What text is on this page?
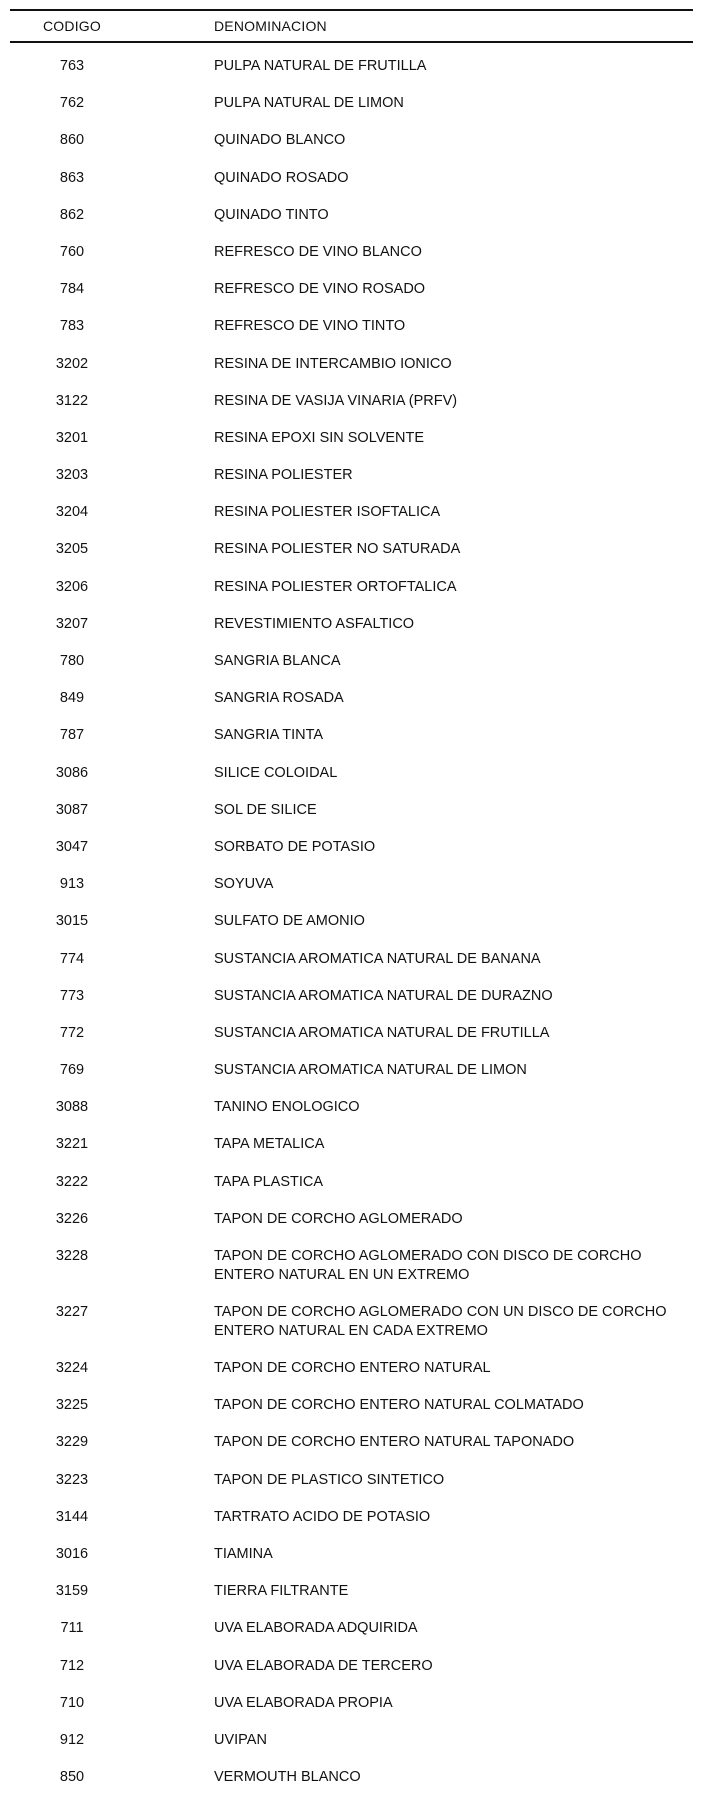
CODIGO	DENOMINACION
763	PULPA NATURAL DE FRUTILLA
762	PULPA NATURAL DE LIMON
860	QUINADO BLANCO
863	QUINADO ROSADO
862	QUINADO TINTO
760	REFRESCO DE VINO BLANCO
784	REFRESCO DE VINO ROSADO
783	REFRESCO DE VINO TINTO
3202	RESINA DE INTERCAMBIO IONICO
3122	RESINA DE VASIJA VINARIA (PRFV)
3201	RESINA EPOXI SIN SOLVENTE
3203	RESINA POLIESTER
3204	RESINA POLIESTER ISOFTALICA
3205	RESINA POLIESTER NO SATURADA
3206	RESINA POLIESTER ORTOFTALICA
3207	REVESTIMIENTO ASFALTICO
780	SANGRIA BLANCA
849	SANGRIA ROSADA
787	SANGRIA TINTA
3086	SILICE COLOIDAL
3087	SOL DE SILICE
3047	SORBATO DE POTASIO
913	SOYUVA
3015	SULFATO DE AMONIO
774	SUSTANCIA AROMATICA NATURAL DE BANANA
773	SUSTANCIA AROMATICA NATURAL DE DURAZNO
772	SUSTANCIA AROMATICA NATURAL DE FRUTILLA
769	SUSTANCIA AROMATICA NATURAL DE LIMON
3088	TANINO ENOLOGICO
3221	TAPA METALICA
3222	TAPA PLASTICA
3226	TAPON DE CORCHO AGLOMERADO
3228	TAPON DE CORCHO AGLOMERADO CON DISCO DE CORCHO
ENTERO NATURAL EN UN EXTREMO
3227	TAPON DE CORCHO AGLOMERADO CON UN DISCO DE CORCHO
ENTERO NATURAL EN CADA EXTREMO
3224	TAPON DE CORCHO ENTERO NATURAL
3225	TAPON DE CORCHO ENTERO NATURAL COLMATADO
3229	TAPON DE CORCHO ENTERO NATURAL TAPONADO
3223	TAPON DE PLASTICO SINTETICO
3144	TARTRATO ACIDO DE POTASIO
3016	TIAMINA
3159	TIERRA FILTRANTE
711	UVA ELABORADA ADQUIRIDA
712	UVA ELABORADA DE TERCERO
710	UVA ELABORADA PROPIA
912	UVIPAN
850	VERMOUTH BLANCO
